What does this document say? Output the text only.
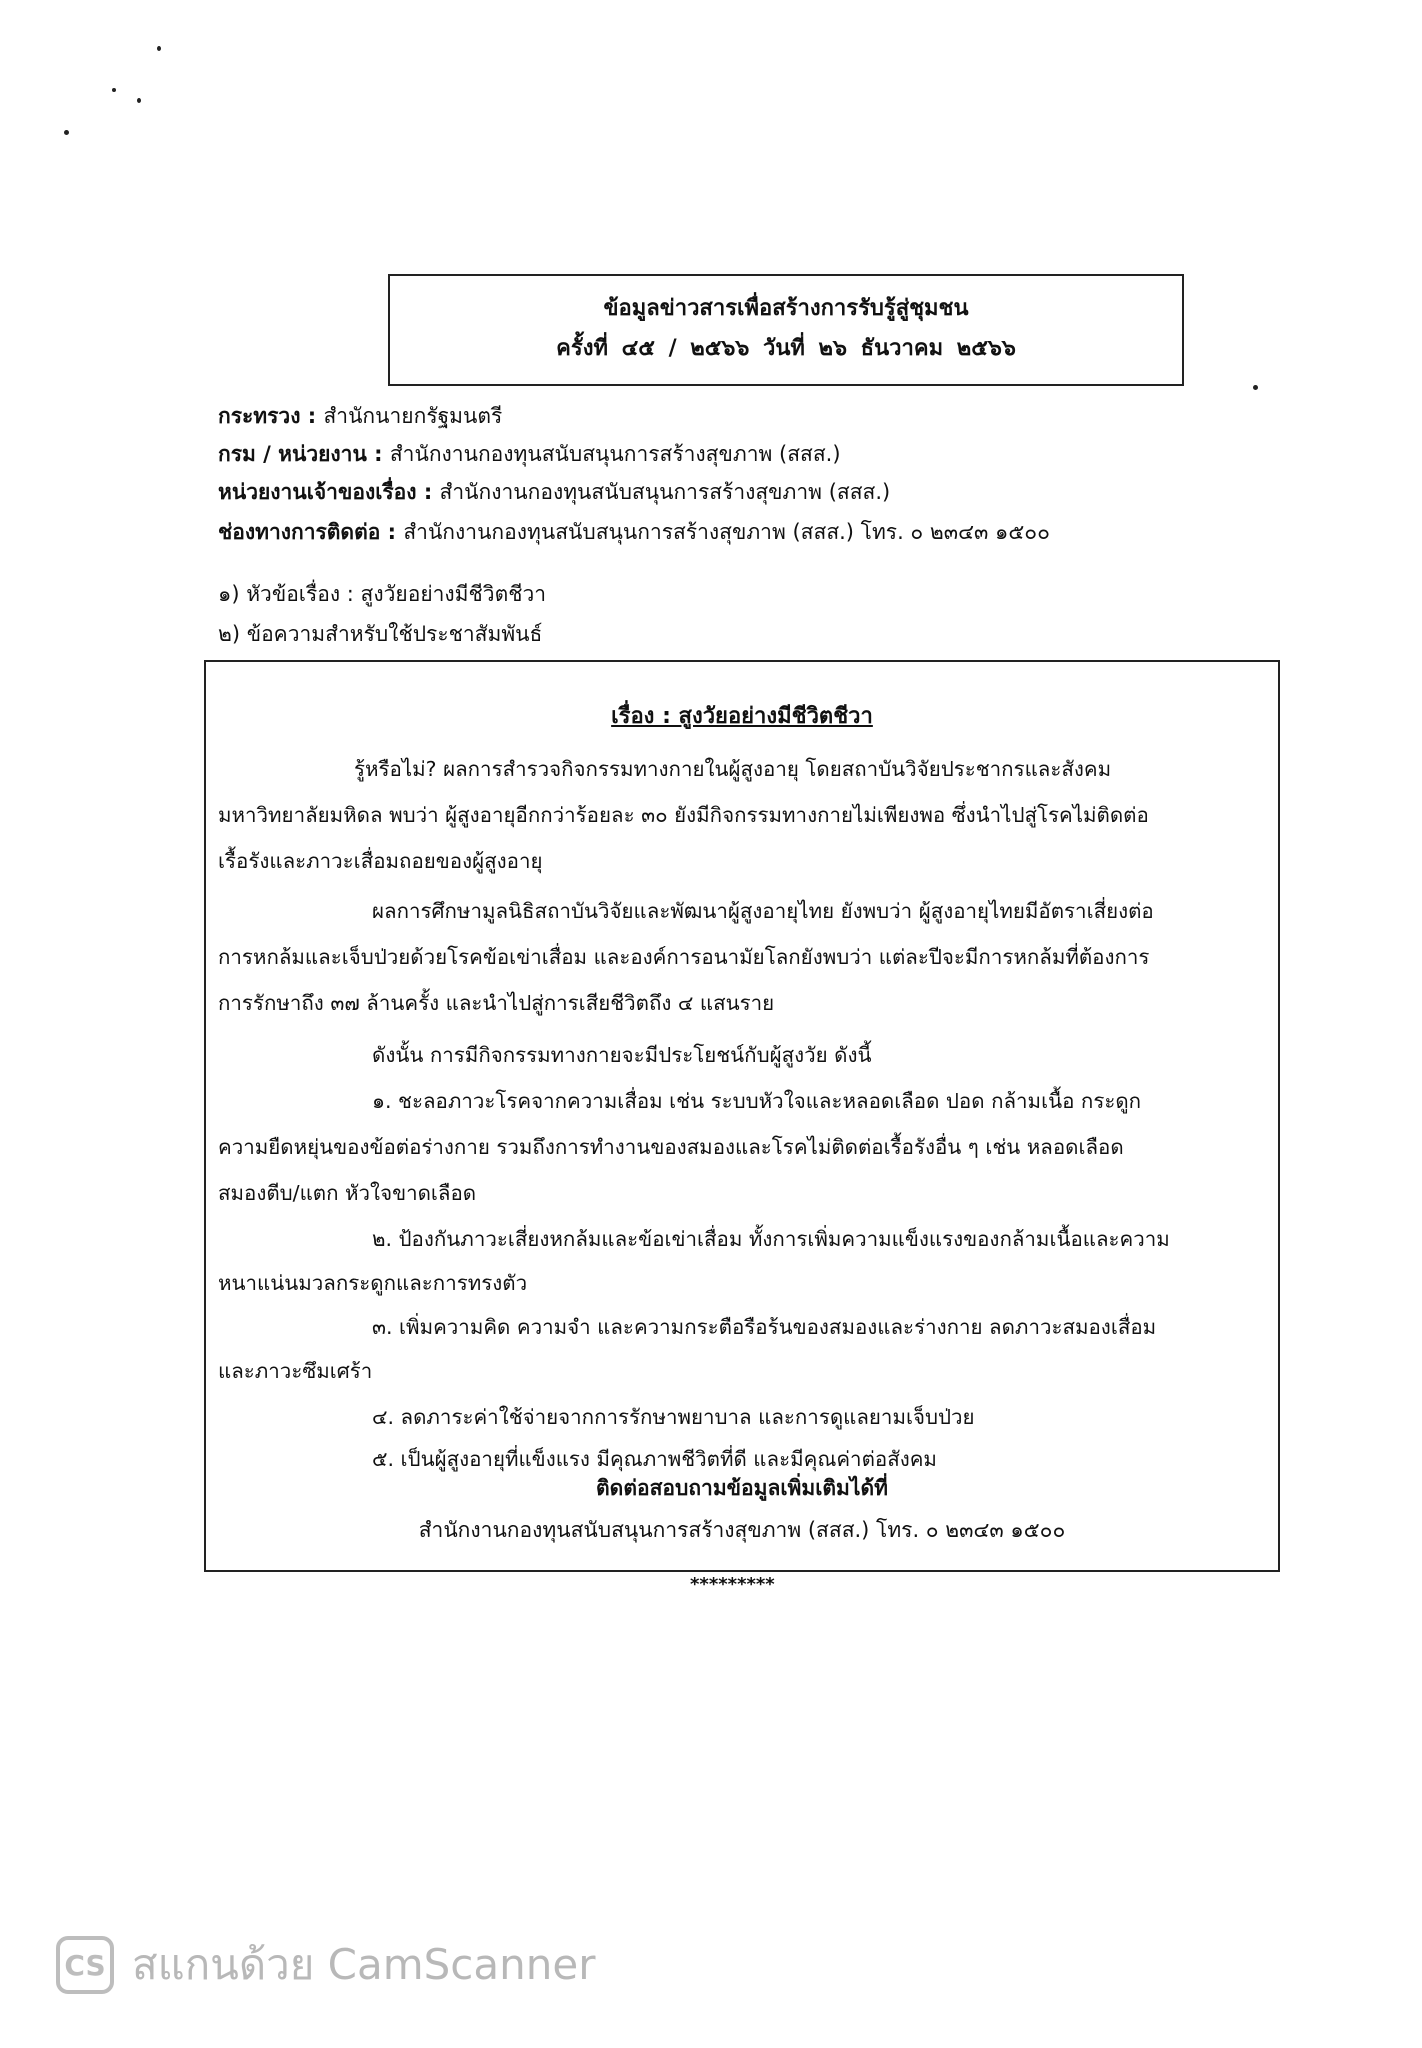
ข้อมูลข่าวสารเพื่อสร้างการรับรู้สู่ชุมชน
ครั้งที่ ๔๕ / ๒๕๖๖ วันที่ ๒๖ ธันวาคม ๒๕๖๖
กระทรวง : สำนักนายกรัฐมนตรี
กรม / หน่วยงาน : สำนักงานกองทุนสนับสนุนการสร้างสุขภาพ (สสส.)
หน่วยงานเจ้าของเรื่อง : สำนักงานกองทุนสนับสนุนการสร้างสุขภาพ (สสส.)
ช่องทางการติดต่อ : สำนักงานกองทุนสนับสนุนการสร้างสุขภาพ (สสส.) โทร. ๐ ๒๓๔๓ ๑๕๐๐
๑) หัวข้อเรื่อง : สูงวัยอย่างมีชีวิตชีวา
๒) ข้อความสำหรับใช้ประชาสัมพันธ์
เรื่อง : สูงวัยอย่างมีชีวิตชีวา
รู้หรือไม่? ผลการสำรวจกิจกรรมทางกายในผู้สูงอายุ โดยสถาบันวิจัยประชากรและสังคม
มหาวิทยาลัยมหิดล พบว่า ผู้สูงอายุอีกกว่าร้อยละ ๓๐ ยังมีกิจกรรมทางกายไม่เพียงพอ ซึ่งนำไปสู่โรคไม่ติดต่อ
เรื้อรังและภาวะเสื่อมถอยของผู้สูงอายุ
ผลการศึกษามูลนิธิสถาบันวิจัยและพัฒนาผู้สูงอายุไทย ยังพบว่า ผู้สูงอายุไทยมีอัตราเสี่ยงต่อ
การหกล้มและเจ็บป่วยด้วยโรคข้อเข่าเสื่อม และองค์การอนามัยโลกยังพบว่า แต่ละปีจะมีการหกล้มที่ต้องการ
การรักษาถึง ๓๗ ล้านครั้ง และนำไปสู่การเสียชีวิตถึง ๔ แสนราย
ดังนั้น การมีกิจกรรมทางกายจะมีประโยชน์กับผู้สูงวัย ดังนี้
๑. ชะลอภาวะโรคจากความเสื่อม เช่น ระบบหัวใจและหลอดเลือด ปอด กล้ามเนื้อ กระดูก
ความยืดหยุ่นของข้อต่อร่างกาย รวมถึงการทำงานของสมองและโรคไม่ติดต่อเรื้อรังอื่น ๆ เช่น หลอดเลือด
สมองตีบ/แตก หัวใจขาดเลือด
๒. ป้องกันภาวะเสี่ยงหกล้มและข้อเข่าเสื่อม ทั้งการเพิ่มความแข็งแรงของกล้ามเนื้อและความ
หนาแน่นมวลกระดูกและการทรงตัว
๓. เพิ่มความคิด ความจำ และความกระตือรือร้นของสมองและร่างกาย ลดภาวะสมองเสื่อม
และภาวะซึมเศร้า
๔. ลดภาระค่าใช้จ่ายจากการรักษาพยาบาล และการดูแลยามเจ็บป่วย
๕. เป็นผู้สูงอายุที่แข็งแรง มีคุณภาพชีวิตที่ดี และมีคุณค่าต่อสังคม
ติดต่อสอบถามข้อมูลเพิ่มเติมได้ที่
สำนักงานกองทุนสนับสนุนการสร้างสุขภาพ (สสส.) โทร. ๐ ๒๓๔๓ ๑๕๐๐
*********
CS สแกนด้วย CamScanner
